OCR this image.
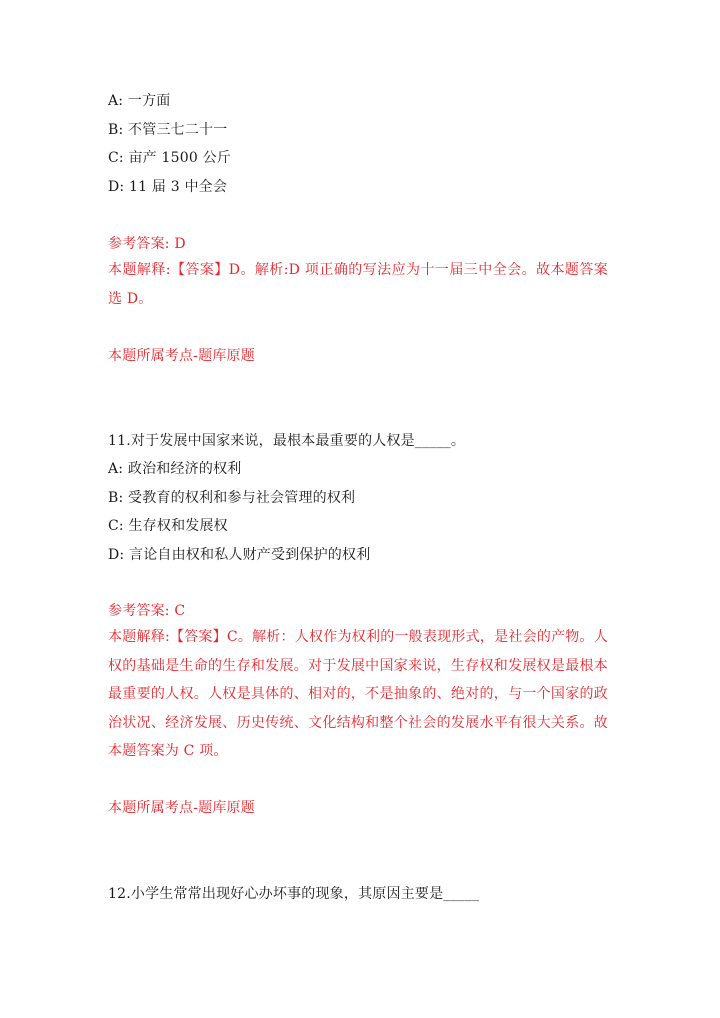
A: 一方面
B: 不管三七二十一
C: 亩产 1500 公斤
D: 11 届 3 中全会
参考答案: D
本题解释:【答案】D。解析:D 项正确的写法应为十一届三中全会。故本题答案选 D。
本题所属考点-题库原题
11.对于发展中国家来说，最根本最重要的人权是_____。
A: 政治和经济的权利
B: 受教育的权利和参与社会管理的权利
C: 生存权和发展权
D: 言论自由权和私人财产受到保护的权利
参考答案: C
本题解释:【答案】C。解析：人权作为权利的一般表现形式，是社会的产物。人权的基础是生命的生存和发展。对于发展中国家来说，生存权和发展权是最根本最重要的人权。人权是具体的、相对的，不是抽象的、绝对的，与一个国家的政治状况、经济发展、历史传统、文化结构和整个社会的发展水平有很大关系。故本题答案为 C 项。
本题所属考点-题库原题
12.小学生常常出现好心办坏事的现象，其原因主要是_____
